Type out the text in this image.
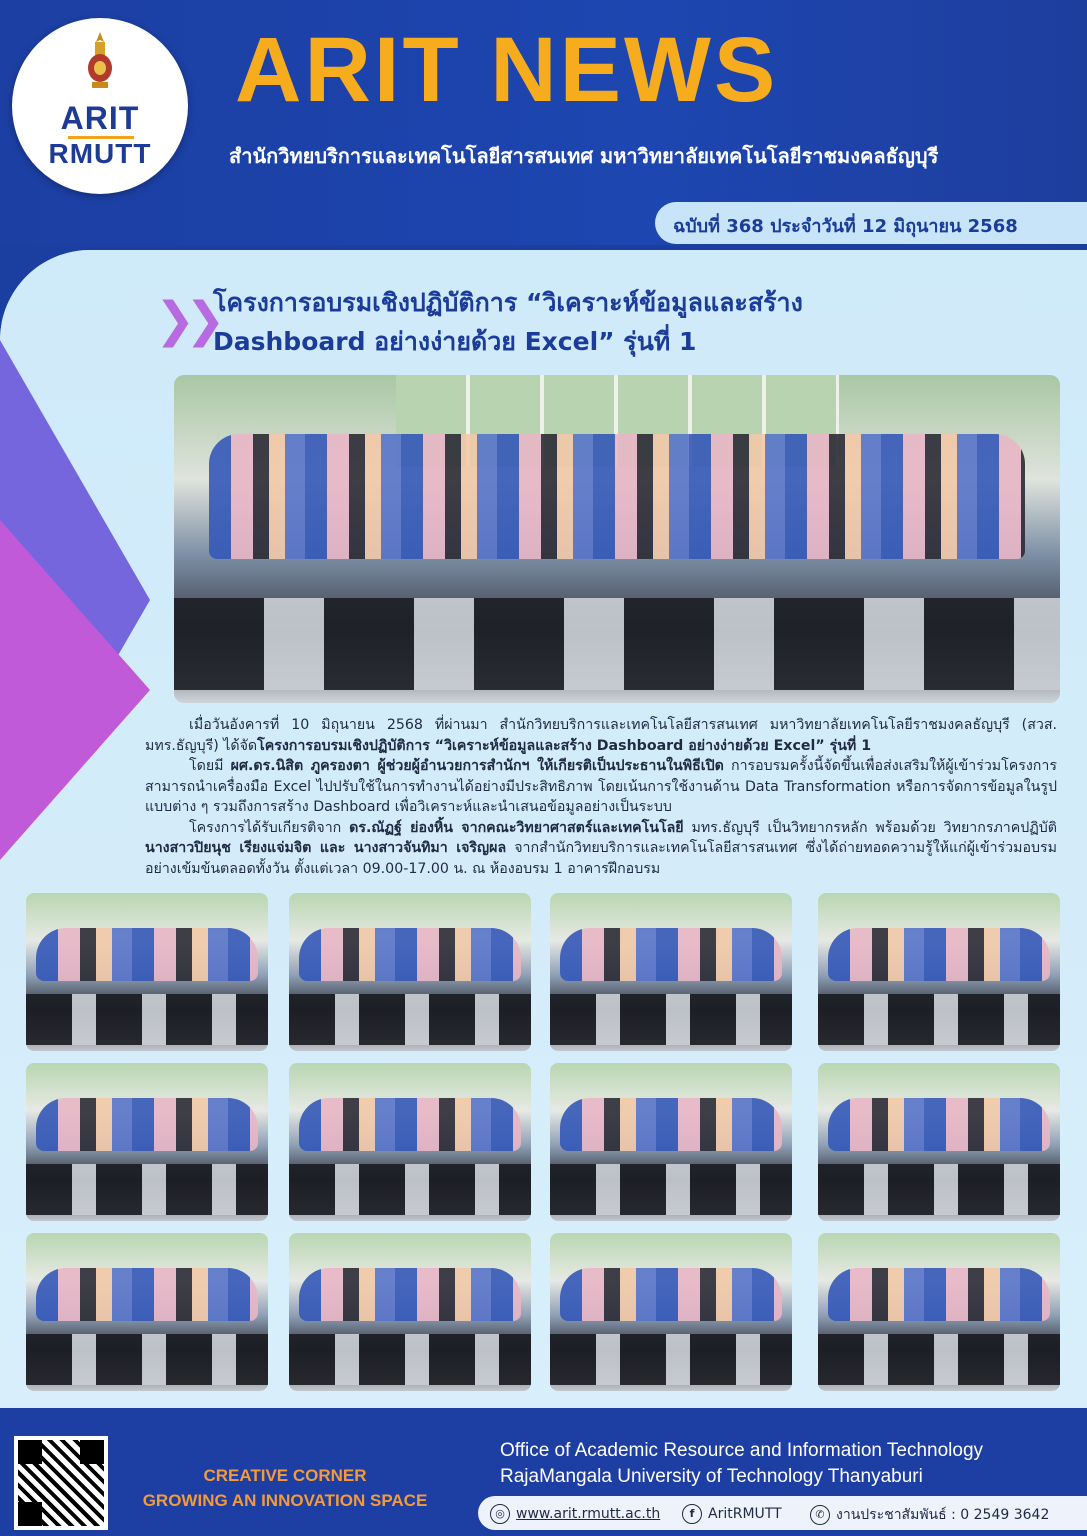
ARIT
RMUTT
ARIT NEWS
สำนักวิทยบริการและเทคโนโลยีสารสนเทศ มหาวิทยาลัยเทคโนโลยีราชมงคลธัญบุรี
ฉบับที่ 368 ประจำวันที่ 12 มิถุนายน 2568
❯❯
โครงการอบรมเชิงปฏิบัติการ “วิเคราะห์ข้อมูลและสร้าง
Dashboard อย่างง่ายด้วย Excel” รุ่นที่ 1

เมื่อวันอังคารที่ 10 มิถุนายน 2568 ที่ผ่านมา สำนักวิทยบริการและเทคโนโลยีสารสนเทศ มหาวิทยาลัยเทคโนโลยีราชมงคลธัญบุรี (สวส. มทร.ธัญบุรี) ได้จัดโครงการอบรมเชิงปฏิบัติการ “วิเคราะห์ข้อมูลและสร้าง Dashboard อย่างง่ายด้วย Excel” รุ่นที่ 1

โดยมี ผศ.ดร.นิสิต ภูครองตา ผู้ช่วยผู้อำนวยการสำนักฯ ให้เกียรติเป็นประธานในพิธีเปิด การอบรมครั้งนี้จัดขึ้นเพื่อส่งเสริมให้ผู้เข้าร่วมโครงการสามารถนำเครื่องมือ Excel ไปปรับใช้ในการทำงานได้อย่างมีประสิทธิภาพ โดยเน้นการใช้งานด้าน Data Transformation หรือการจัดการข้อมูลในรูปแบบต่าง ๆ รวมถึงการสร้าง Dashboard เพื่อวิเคราะห์และนำเสนอข้อมูลอย่างเป็นระบบ

โครงการได้รับเกียรติจาก ดร.ณัฏฐ์ ย่องหิ้น จากคณะวิทยาศาสตร์และเทคโนโลยี มทร.ธัญบุรี เป็นวิทยากรหลัก พร้อมด้วย วิทยากรภาคปฏิบัติ นางสาวปิยนุช เรียงแจ่มจิต และ นางสาวจันทิมา เจริญผล จากสำนักวิทยบริการและเทคโนโลยีสารสนเทศ ซึ่งได้ถ่ายทอดความรู้ให้แก่ผู้เข้าร่วมอบรมอย่างเข้มข้นตลอดทั้งวัน ตั้งแต่เวลา 09.00-17.00 น. ณ ห้องอบรม 1 อาคารฝึกอบรม

CREATIVE CORNER
GROWING AN INNOVATION SPACE
Office of Academic Resource and Information Technology
RajaMangala University of Technology Thanyaburi
◎ www.arit.rmutt.ac.th	f AritRMUTT	✆ งานประชาสัมพันธ์ : 0 2549 3642
